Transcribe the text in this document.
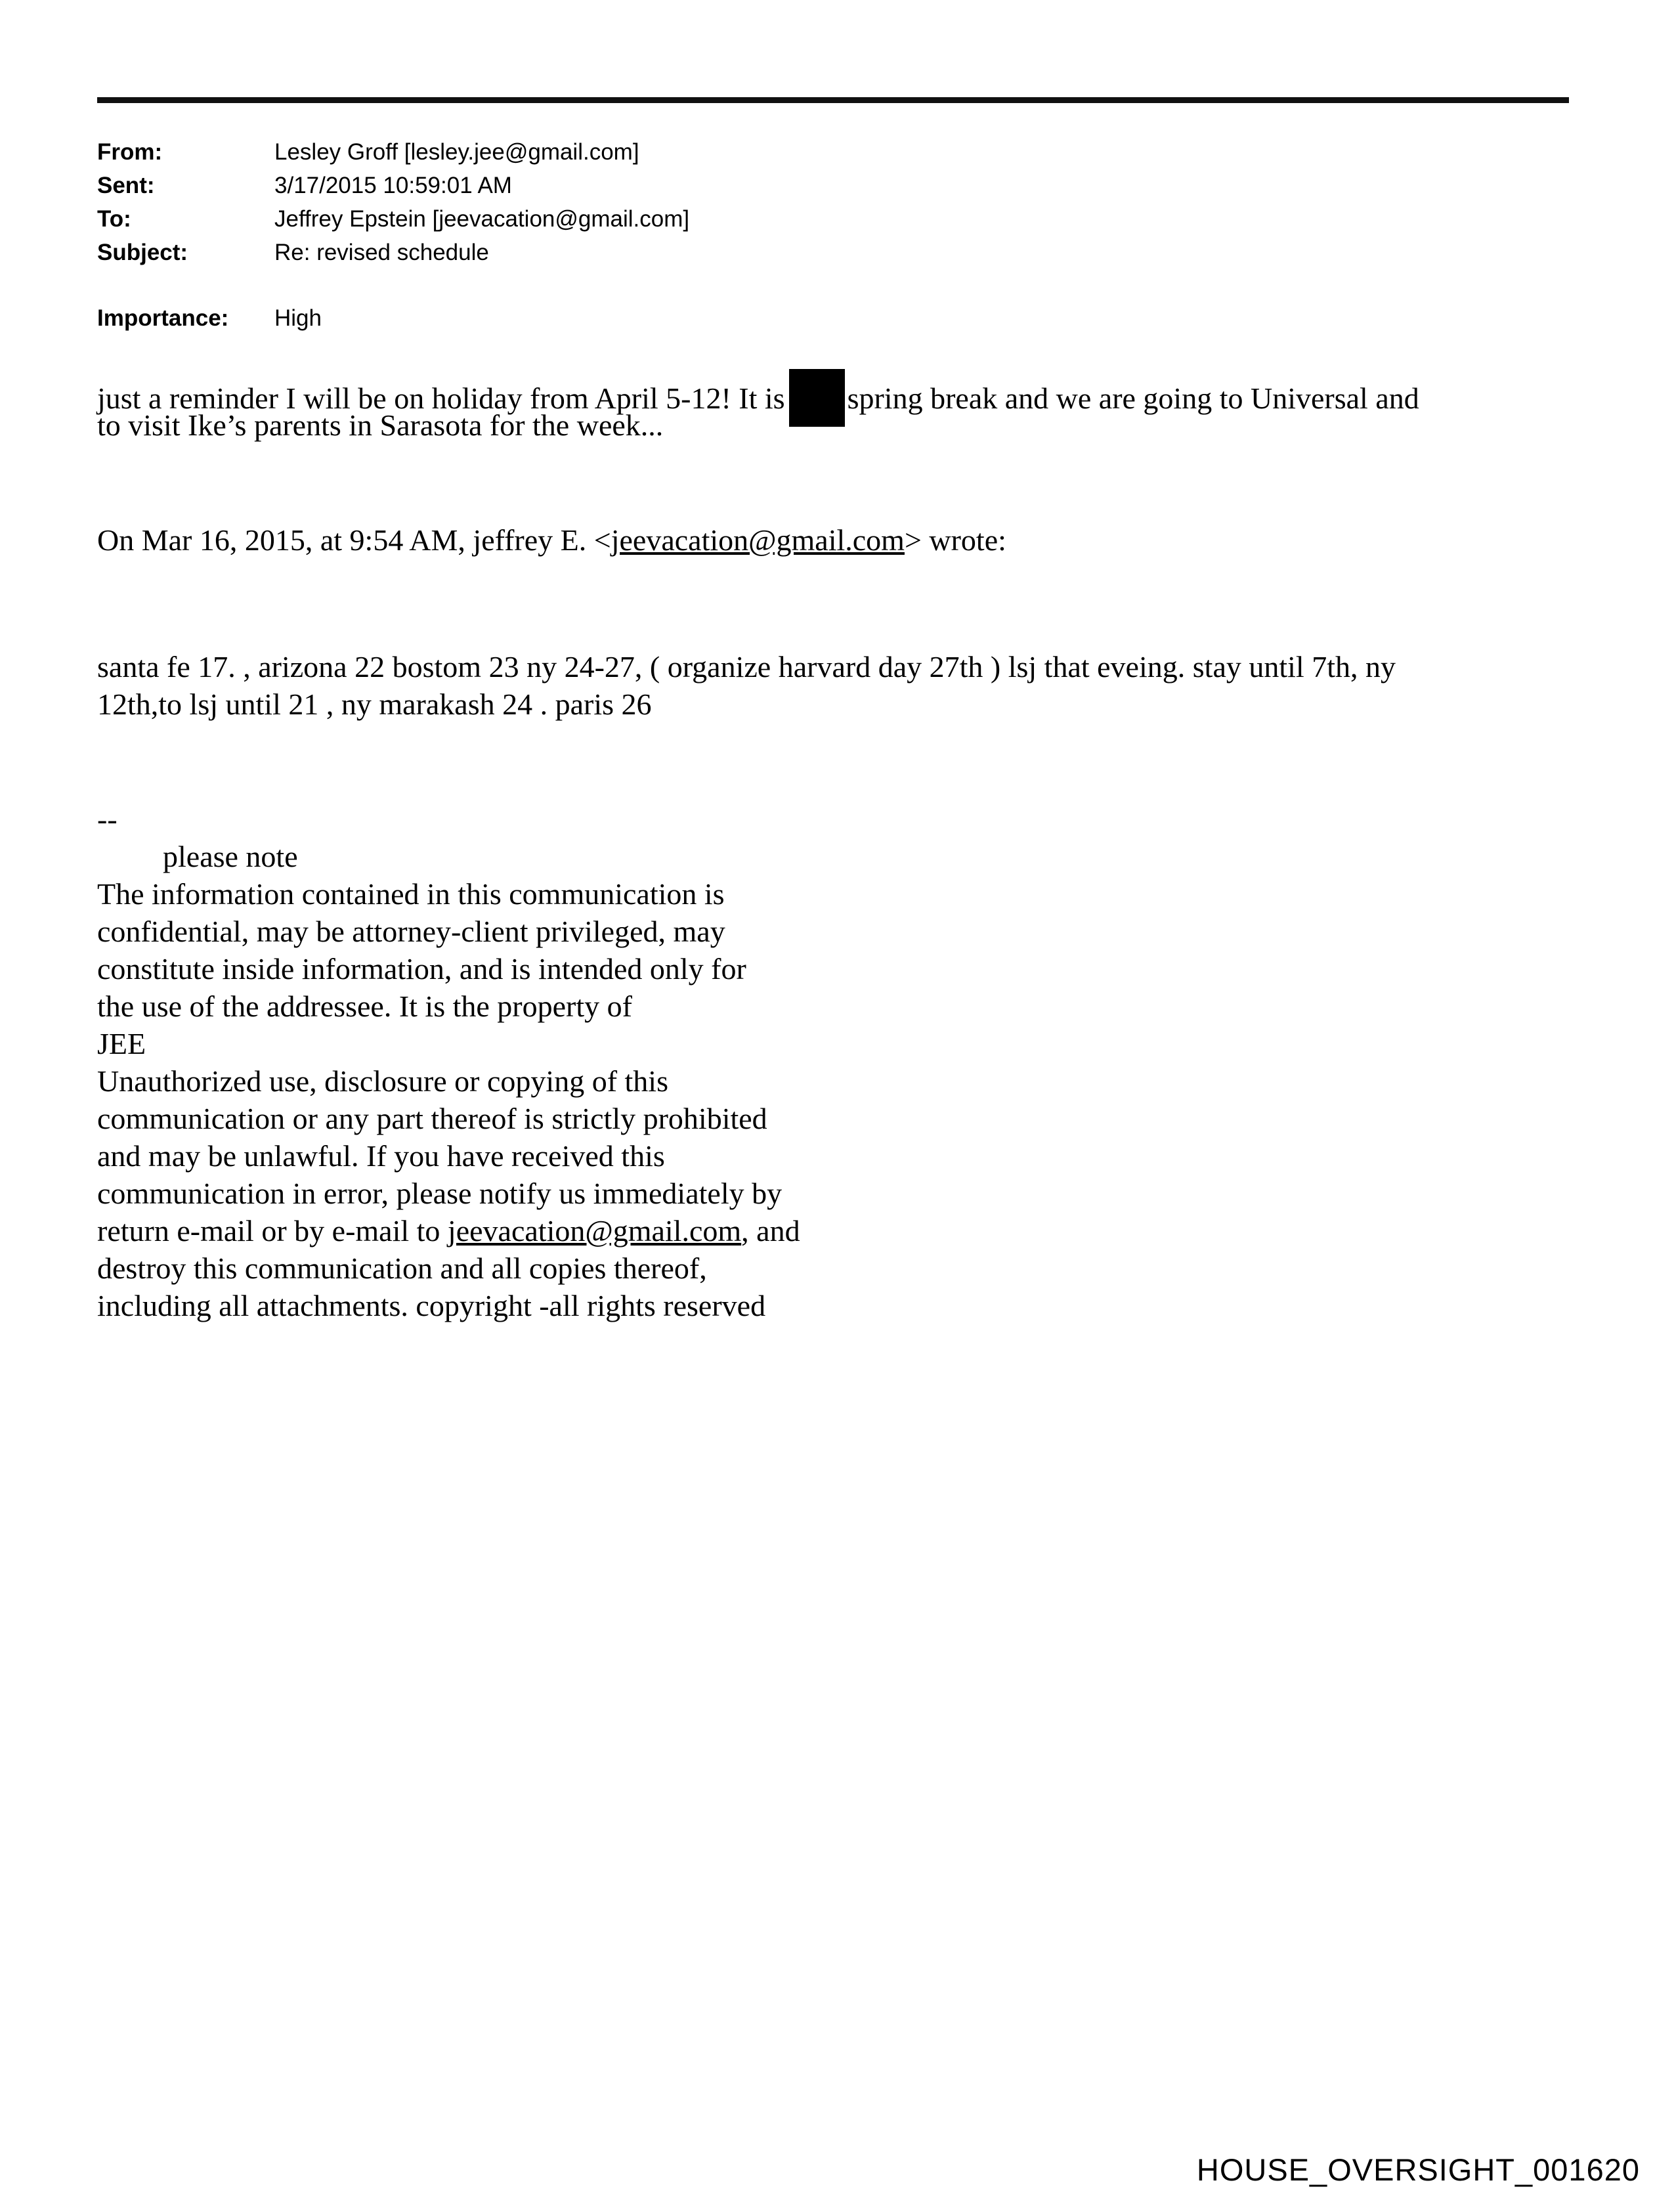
From:	Lesley Groff [lesley.jee@gmail.com]
Sent:	3/17/2015 10:59:01 AM
To:	Jeffrey Epstein [jeevacation@gmail.com]
Subject:	Re: revised schedule
Importance: High
just a reminder I will be on holiday from April 5-12! It is spring break and we are going to Universal and
to visit Ike’s parents in Sarasota for the week...
On Mar 16, 2015, at 9:54 AM, jeffrey E. <jeevacation@gmail.com> wrote:
santa fe 17. , arizona 22 bostom 23 ny 24-27, ( organize harvard day 27th ) lsj that eveing. stay until 7th, ny
12th,to lsj until 21 , ny marakash 24 . paris 26
--
please note
The information contained in this communication is
confidential, may be attorney-client privileged, may
constitute inside information, and is intended only for
the use of the addressee. It is the property of
JEE
Unauthorized use, disclosure or copying of this
communication or any part thereof is strictly prohibited
and may be unlawful. If you have received this
communication in error, please notify us immediately by
return e-mail or by e-mail to jeevacation@gmail.com, and
destroy this communication and all copies thereof,
including all attachments. copyright -all rights reserved
HOUSE_OVERSIGHT_001620
